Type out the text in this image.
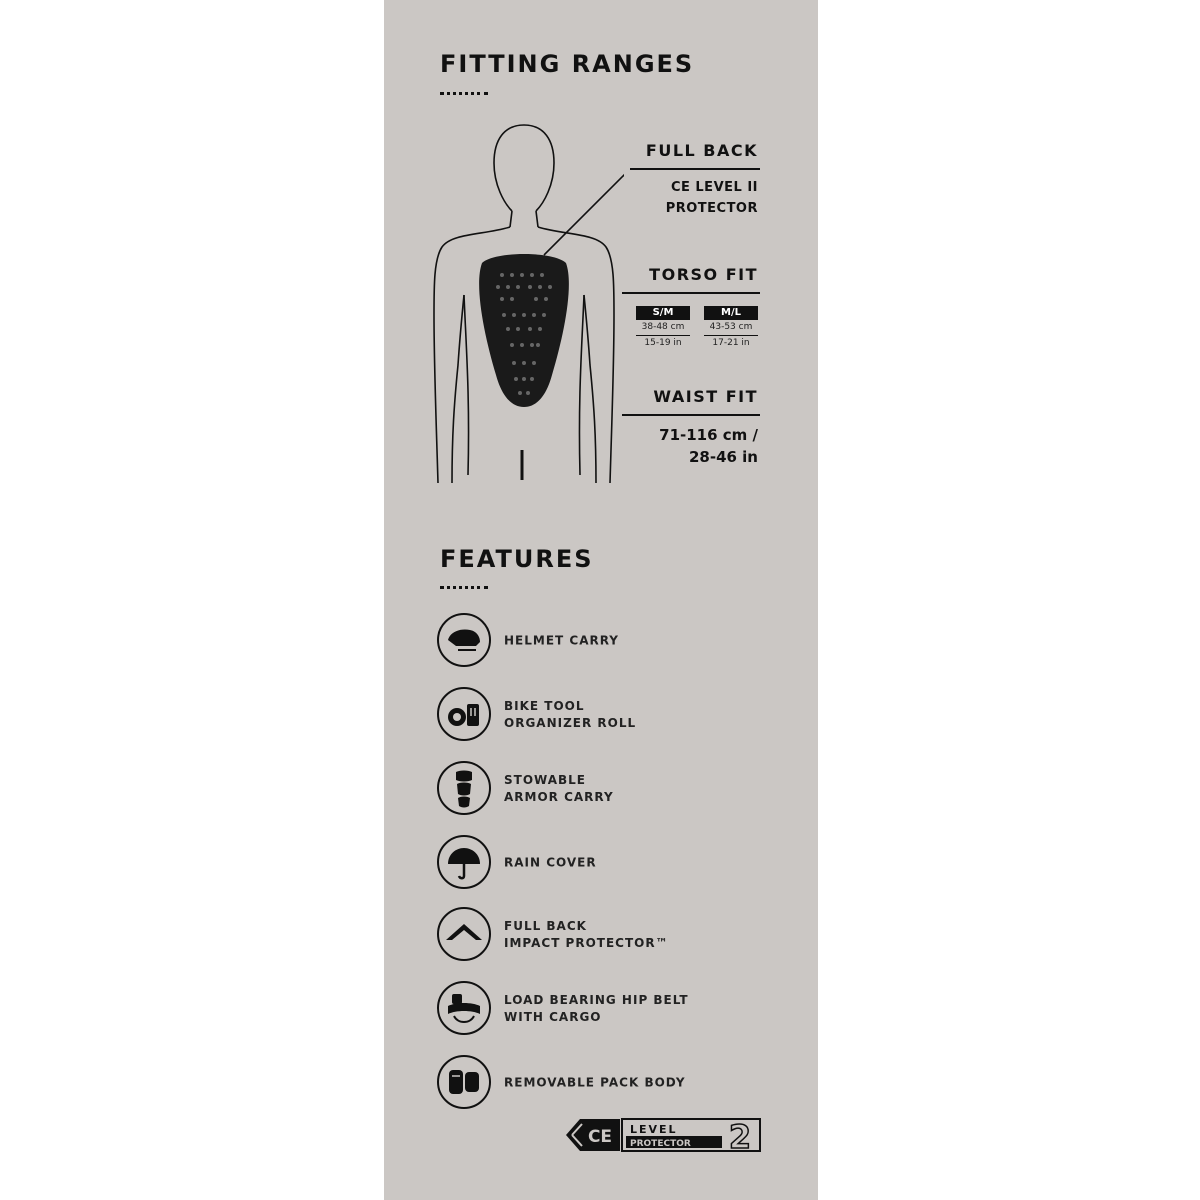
FITTING RANGES
FULL BACK
CE LEVEL II
PROTECTOR
TORSO FIT
S/M
38-48 cm
15-19 in
M/L
43-53 cm
17-21 in
WAIST FIT
71-116 cm /
28-46 in
FEATURES
HELMET CARRY
BIKE TOOL
ORGANIZER ROLL
STOWABLE
ARMOR CARRY
RAIN COVER
FULL BACK
IMPACT PROTECTOR™
LOAD BEARING HIP BELT
WITH CARGO
REMOVABLE PACK BODY
CE LEVEL
PROTECTOR 2
